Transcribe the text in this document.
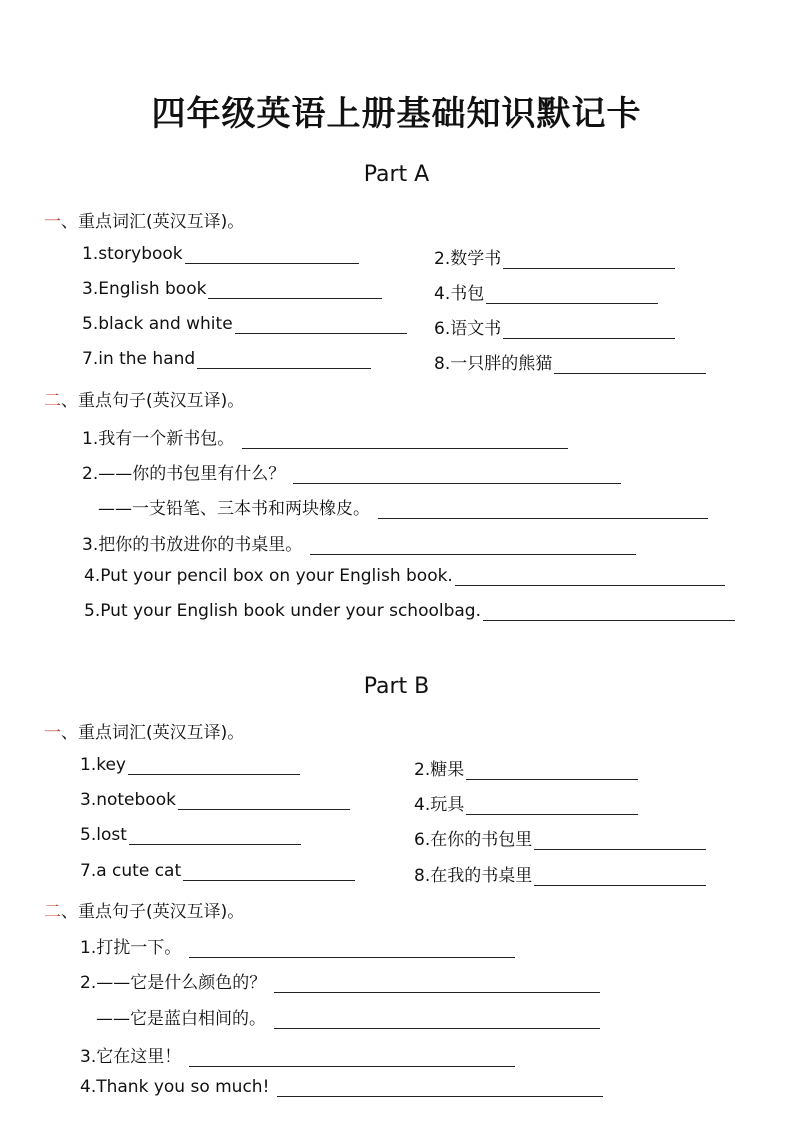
四年级英语上册基础知识默记卡
Part A
一、重点词汇(英汉互译)。
1.storybook	2.数学书
3.English book	4.书包
5.black and white	6.语文书
7.in the hand	8.一只胖的熊猫
二、重点句子(英汉互译)。
1.我有一个新书包。
2.——你的书包里有什么？
——一支铅笔、三本书和两块橡皮。
3.把你的书放进你的书桌里。
4.Put your pencil box on your English book.
5.Put your English book under your schoolbag.
Part B
一、重点词汇(英汉互译)。
1.key	2.糖果
3.notebook	4.玩具
5.lost	6.在你的书包里
7.a cute cat	8.在我的书桌里
二、重点句子(英汉互译)。
1.打扰一下。
2.——它是什么颜色的？
——它是蓝白相间的。
3.它在这里！
4.Thank you so much!
